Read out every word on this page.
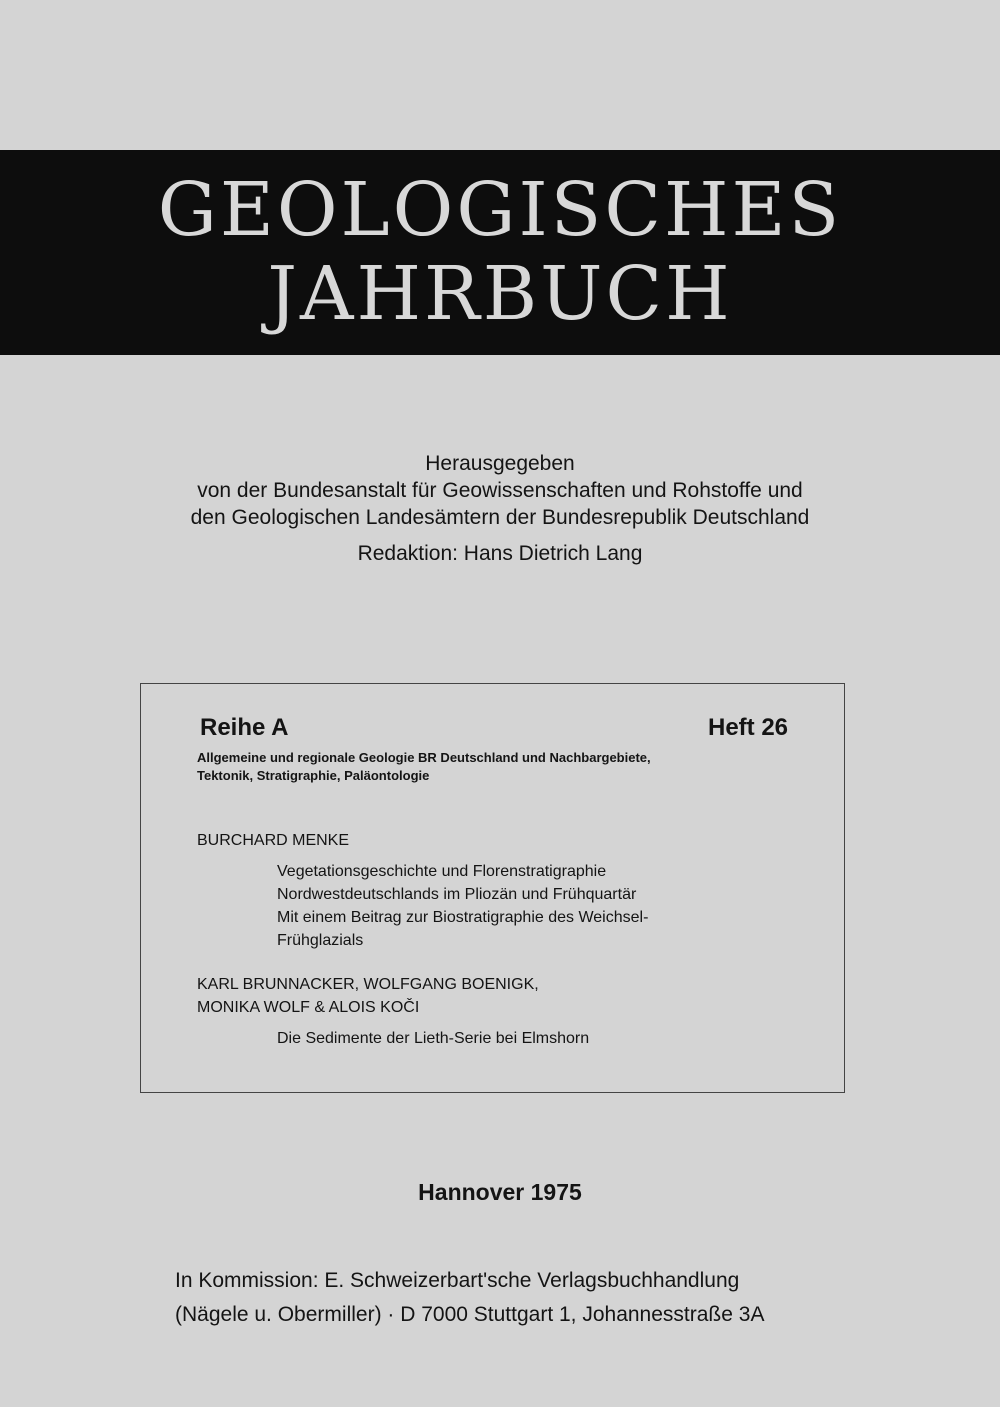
GEOLOGISCHES
JAHRBUCH
Herausgegeben
von der Bundesanstalt für Geowissenschaften und Rohstoffe und
den Geologischen Landesämtern der Bundesrepublik Deutschland
Redaktion: Hans Dietrich Lang
Reihe A	Heft 26
Allgemeine und regionale Geologie BR Deutschland und Nachbargebiete,
Tektonik, Stratigraphie, Paläontologie
BURCHARD MENKE
Vegetationsgeschichte und Florenstratigraphie
Nordwestdeutschlands im Pliozän und Frühquartär
Mit einem Beitrag zur Biostratigraphie des Weichsel-
Frühglazials
KARL BRUNNACKER, WOLFGANG BOENIGK,
MONIKA WOLF & ALOIS KOČI
Die Sedimente der Lieth-Serie bei Elmshorn
Hannover 1975
In Kommission: E. Schweizerbart'sche Verlagsbuchhandlung
(Nägele u. Obermiller) · D 7000 Stuttgart 1, Johannesstraße 3A
